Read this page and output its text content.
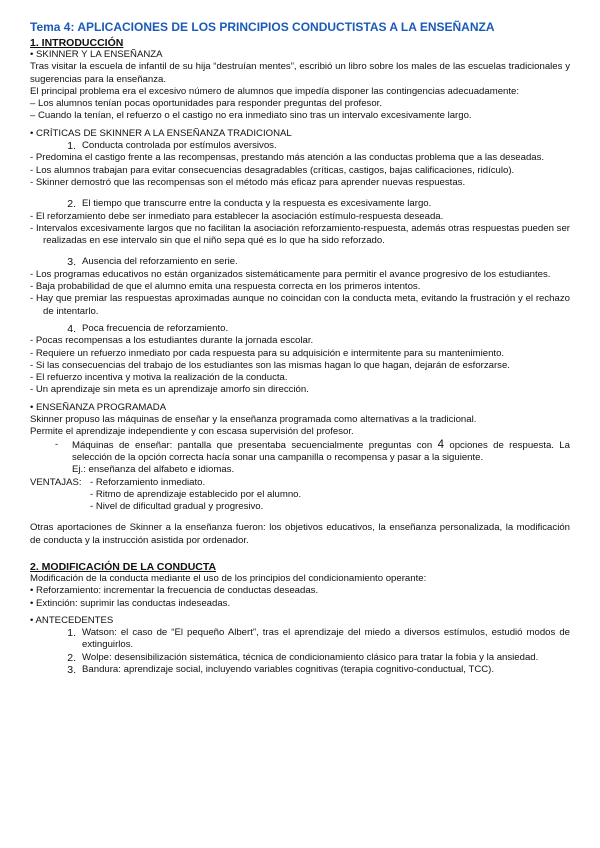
Tema 4: APLICACIONES DE LOS PRINCIPIOS CONDUCTISTAS A LA ENSEÑANZA
1. INTRODUCCIÓN

• SKINNER Y LA ENSEÑANZA

Tras visitar la escuela de infantil de su hija “destruían mentes”, escribió un libro sobre los males de las escuelas tradicionales y sugerencias para la enseñanza.

El principal problema era el excesivo número de alumnos que impedía disponer las contingencias adecuadamente:

– Los alumnos tenían pocas oportunidades para responder preguntas del profesor.

– Cuando la tenían, el refuerzo o el castigo no era inmediato sino tras un intervalo excesivamente largo.

• CRÍTICAS DE SKINNER A LA ENSEÑANZA TRADICIONAL

1. Conducta controlada por estímulos aversivos.

- Predomina el castigo frente a las recompensas, prestando más atención a las conductas problema que a las deseadas.

- Los alumnos trabajan para evitar consecuencias desagradables (críticas, castigos, bajas calificaciones, ridículo).

- Skinner demostró que las recompensas son el método más eficaz para aprender nuevas respuestas.

2. El tiempo que transcurre entre la conducta y la respuesta es excesivamente largo.

- El reforzamiento debe ser inmediato para establecer la asociación estímulo-respuesta deseada.

- Intervalos excesivamente largos que no facilitan la asociación reforzamiento-respuesta, además otras respuestas pueden ser realizadas en ese intervalo sin que el niño sepa qué es lo que ha sido reforzado.

3. Ausencia del reforzamiento en serie.

- Los programas educativos no están organizados sistemáticamente para permitir el avance progresivo de los estudiantes.

- Baja probabilidad de que el alumno emita una respuesta correcta en los primeros intentos.

- Hay que premiar las respuestas aproximadas aunque no coincidan con la conducta meta, evitando la frustración y el rechazo de intentarlo.

4. Poca frecuencia de reforzamiento.

- Pocas recompensas a los estudiantes durante la jornada escolar.

- Requiere un refuerzo inmediato por cada respuesta para su adquisición e intermitente para su mantenimiento.

- Si las consecuencias del trabajo de los estudiantes son las mismas hagan lo que hagan, dejarán de esforzarse.

- El refuerzo incentiva y motiva la realización de la conducta.

- Un aprendizaje sin meta es un aprendizaje amorfo sin dirección.

• ENSEÑANZA PROGRAMADA

Skinner propuso las máquinas de enseñar y la enseñanza programada como alternativas a la tradicional.

Permite el aprendizaje independiente y con escasa supervisión del profesor.

- Máquinas de enseñar: pantalla que presentaba secuencialmente preguntas con 4 opciones de respuesta. La selección de la opción correcta hacía sonar una campanilla o recompensa y pasar a la siguiente.

Ej.: enseñanza del alfabeto e idiomas.

VENTAJAS: - Reforzamiento inmediato.

- Ritmo de aprendizaje establecido por el alumno.

- Nivel de dificultad gradual y progresivo.

Otras aportaciones de Skinner a la enseñanza fueron: los objetivos educativos, la enseñanza personalizada, la modificación de conducta y la instrucción asistida por ordenador.

2. MODIFICACIÓN DE LA CONDUCTA

Modificación de la conducta mediante el uso de los principios del condicionamiento operante:

• Reforzamiento: incrementar la frecuencia de conductas deseadas.

• Extinción: suprimir las conductas indeseadas.

• ANTECEDENTES

1. Watson: el caso de “El pequeño Albert”, tras el aprendizaje del miedo a diversos estímulos, estudió modos de extinguirlos.

2. Wolpe: desensibilización sistemática, técnica de condicionamiento clásico para tratar la fobia y la ansiedad.

3. Bandura: aprendizaje social, incluyendo variables cognitivas (terapia cognitivo-conductual, TCC).
